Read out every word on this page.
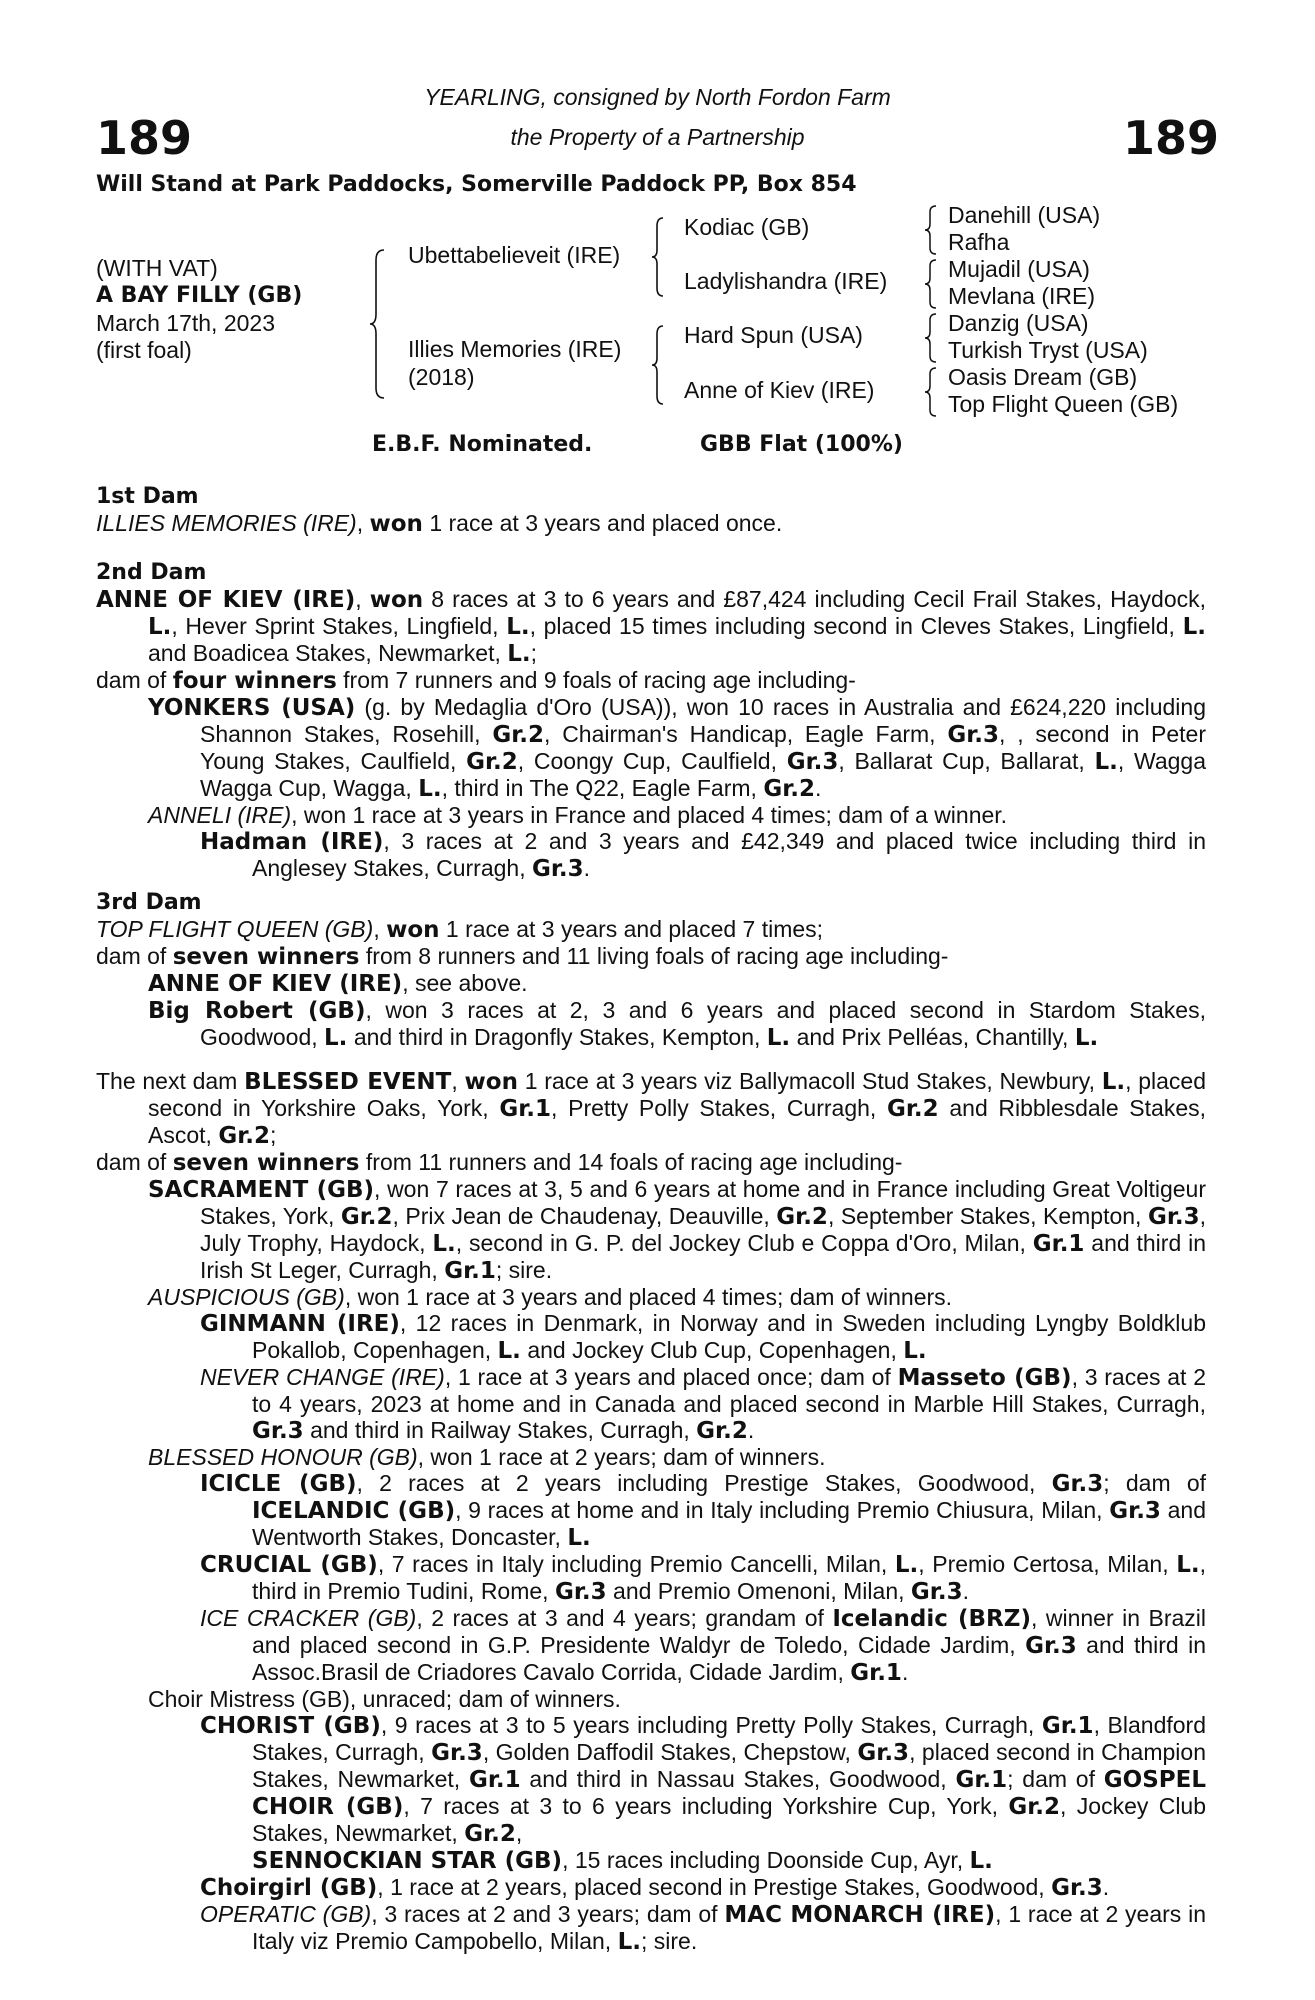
189	189
YEARLING, consigned by North Fordon Farm
the Property of a Partnership
Will Stand at Park Paddocks, Somerville Paddock PP, Box 854
(WITH VAT)
A BAY FILLY (GB)
March 17th, 2023
(first foal)
Ubettabelieveit (IRE)
Illies Memories (IRE)
(2018)
Kodiac (GB)
Ladylishandra (IRE)
Hard Spun (USA)
Anne of Kiev (IRE)
Danehill (USA)
Rafha
Mujadil (USA)
Mevlana (IRE)
Danzig (USA)
Turkish Tryst (USA)
Oasis Dream (GB)
Top Flight Queen (GB)
E.B.F. Nominated.	GBB Flat (100%)
1st Dam

ILLIES MEMORIES (IRE), won 1 race at 3 years and placed once.

2nd Dam

ANNE OF KIEV (IRE), won 8 races at 3 to 6 years and £87,424 including Cecil Frail Stakes, Haydock, L., Hever Sprint Stakes, Lingfield, L., placed 15 times including second in Cleves Stakes, Lingfield, L. and Boadicea Stakes, Newmarket, L.;

dam of four winners from 7 runners and 9 foals of racing age including-

YONKERS (USA) (g. by Medaglia d'Oro (USA)), won 10 races in Australia and £624,220 including Shannon Stakes, Rosehill, Gr.2, Chairman's Handicap, Eagle Farm, Gr.3, , second in Peter Young Stakes, Caulfield, Gr.2, Coongy Cup, Caulfield, Gr.3, Ballarat Cup, Ballarat, L., Wagga Wagga Cup, Wagga, L., third in The Q22, Eagle Farm, Gr.2.

ANNELI (IRE), won 1 race at 3 years in France and placed 4 times; dam of a winner.

Hadman (IRE), 3 races at 2 and 3 years and £42,349 and placed twice including third in Anglesey Stakes, Curragh, Gr.3.

3rd Dam

TOP FLIGHT QUEEN (GB), won 1 race at 3 years and placed 7 times;

dam of seven winners from 8 runners and 11 living foals of racing age including-

ANNE OF KIEV (IRE), see above.

Big Robert (GB), won 3 races at 2, 3 and 6 years and placed second in Stardom Stakes, Goodwood, L. and third in Dragonfly Stakes, Kempton, L. and Prix Pelléas, Chantilly, L.

The next dam BLESSED EVENT, won 1 race at 3 years viz Ballymacoll Stud Stakes, Newbury, L., placed second in Yorkshire Oaks, York, Gr.1, Pretty Polly Stakes, Curragh, Gr.2 and Ribblesdale Stakes, Ascot, Gr.2;

dam of seven winners from 11 runners and 14 foals of racing age including-

SACRAMENT (GB), won 7 races at 3, 5 and 6 years at home and in France including Great Voltigeur Stakes, York, Gr.2, Prix Jean de Chaudenay, Deauville, Gr.2, September Stakes, Kempton, Gr.3, July Trophy, Haydock, L., second in G. P. del Jockey Club e Coppa d'Oro, Milan, Gr.1 and third in Irish St Leger, Curragh, Gr.1; sire.

AUSPICIOUS (GB), won 1 race at 3 years and placed 4 times; dam of winners.

GINMANN (IRE), 12 races in Denmark, in Norway and in Sweden including Lyngby Boldklub Pokallob, Copenhagen, L. and Jockey Club Cup, Copenhagen, L.

NEVER CHANGE (IRE), 1 race at 3 years and placed once; dam of Masseto (GB), 3 races at 2 to 4 years, 2023 at home and in Canada and placed second in Marble Hill Stakes, Curragh, Gr.3 and third in Railway Stakes, Curragh, Gr.2.

BLESSED HONOUR (GB), won 1 race at 2 years; dam of winners.

ICICLE (GB), 2 races at 2 years including Prestige Stakes, Goodwood, Gr.3; dam of ICELANDIC (GB), 9 races at home and in Italy including Premio Chiusura, Milan, Gr.3 and Wentworth Stakes, Doncaster, L.

CRUCIAL (GB), 7 races in Italy including Premio Cancelli, Milan, L., Premio Certosa, Milan, L., third in Premio Tudini, Rome, Gr.3 and Premio Omenoni, Milan, Gr.3.

ICE CRACKER (GB), 2 races at 3 and 4 years; grandam of Icelandic (BRZ), winner in Brazil and placed second in G.P. Presidente Waldyr de Toledo, Cidade Jardim, Gr.3 and third in Assoc.Brasil de Criadores Cavalo Corrida, Cidade Jardim, Gr.1.

Choir Mistress (GB), unraced; dam of winners.

CHORIST (GB), 9 races at 3 to 5 years including Pretty Polly Stakes, Curragh, Gr.1, Blandford Stakes, Curragh, Gr.3, Golden Daffodil Stakes, Chepstow, Gr.3, placed second in Champion Stakes, Newmarket, Gr.1 and third in Nassau Stakes, Goodwood, Gr.1; dam of GOSPEL CHOIR (GB), 7 races at 3 to 6 years including Yorkshire Cup, York, Gr.2, Jockey Club Stakes, Newmarket, Gr.2,
SENNOCKIAN STAR (GB), 15 races including Doonside Cup, Ayr, L.

Choirgirl (GB), 1 race at 2 years, placed second in Prestige Stakes, Goodwood, Gr.3.

OPERATIC (GB), 3 races at 2 and 3 years; dam of MAC MONARCH (IRE), 1 race at 2 years in Italy viz Premio Campobello, Milan, L.; sire.
